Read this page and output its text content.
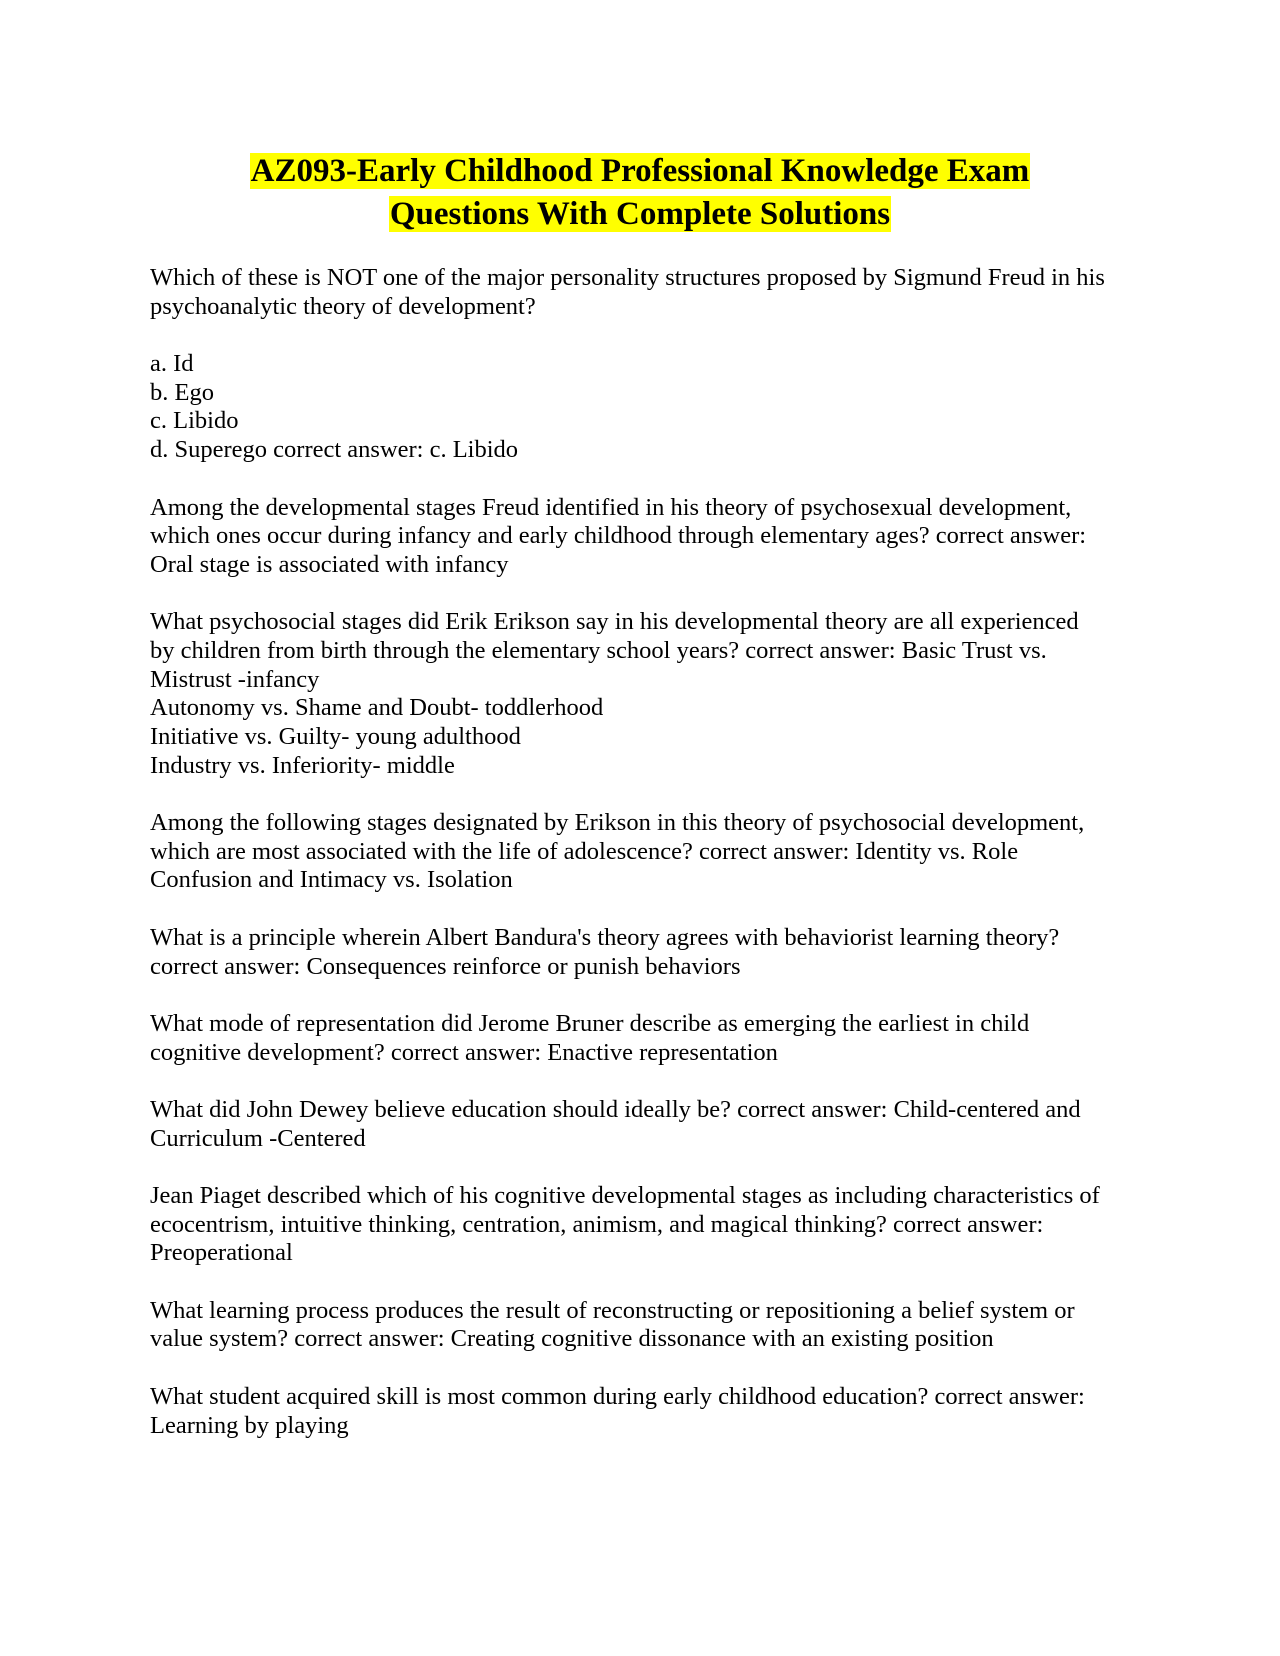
AZ093-Early Childhood Professional Knowledge Exam
Questions With Complete Solutions
Which of these is NOT one of the major personality structures proposed by Sigmund Freud in his
psychoanalytic theory of development?
a. Id
b. Ego
c. Libido
d. Superego correct answer: c. Libido
Among the developmental stages Freud identified in his theory of psychosexual development,
which ones occur during infancy and early childhood through elementary ages? correct answer:
Oral stage is associated with infancy
What psychosocial stages did Erik Erikson say in his developmental theory are all experienced
by children from birth through the elementary school years? correct answer: Basic Trust vs.
Mistrust -infancy
Autonomy vs. Shame and Doubt- toddlerhood
Initiative vs. Guilty- young adulthood
Industry vs. Inferiority- middle
Among the following stages designated by Erikson in this theory of psychosocial development,
which are most associated with the life of adolescence? correct answer: Identity vs. Role
Confusion and Intimacy vs. Isolation
What is a principle wherein Albert Bandura's theory agrees with behaviorist learning theory?
correct answer: Consequences reinforce or punish behaviors
What mode of representation did Jerome Bruner describe as emerging the earliest in child
cognitive development? correct answer: Enactive representation
What did John Dewey believe education should ideally be? correct answer: Child-centered and
Curriculum -Centered
Jean Piaget described which of his cognitive developmental stages as including characteristics of
ecocentrism, intuitive thinking, centration, animism, and magical thinking? correct answer:
Preoperational
What learning process produces the result of reconstructing or repositioning a belief system or
value system? correct answer: Creating cognitive dissonance with an existing position
What student acquired skill is most common during early childhood education? correct answer:
Learning by playing
